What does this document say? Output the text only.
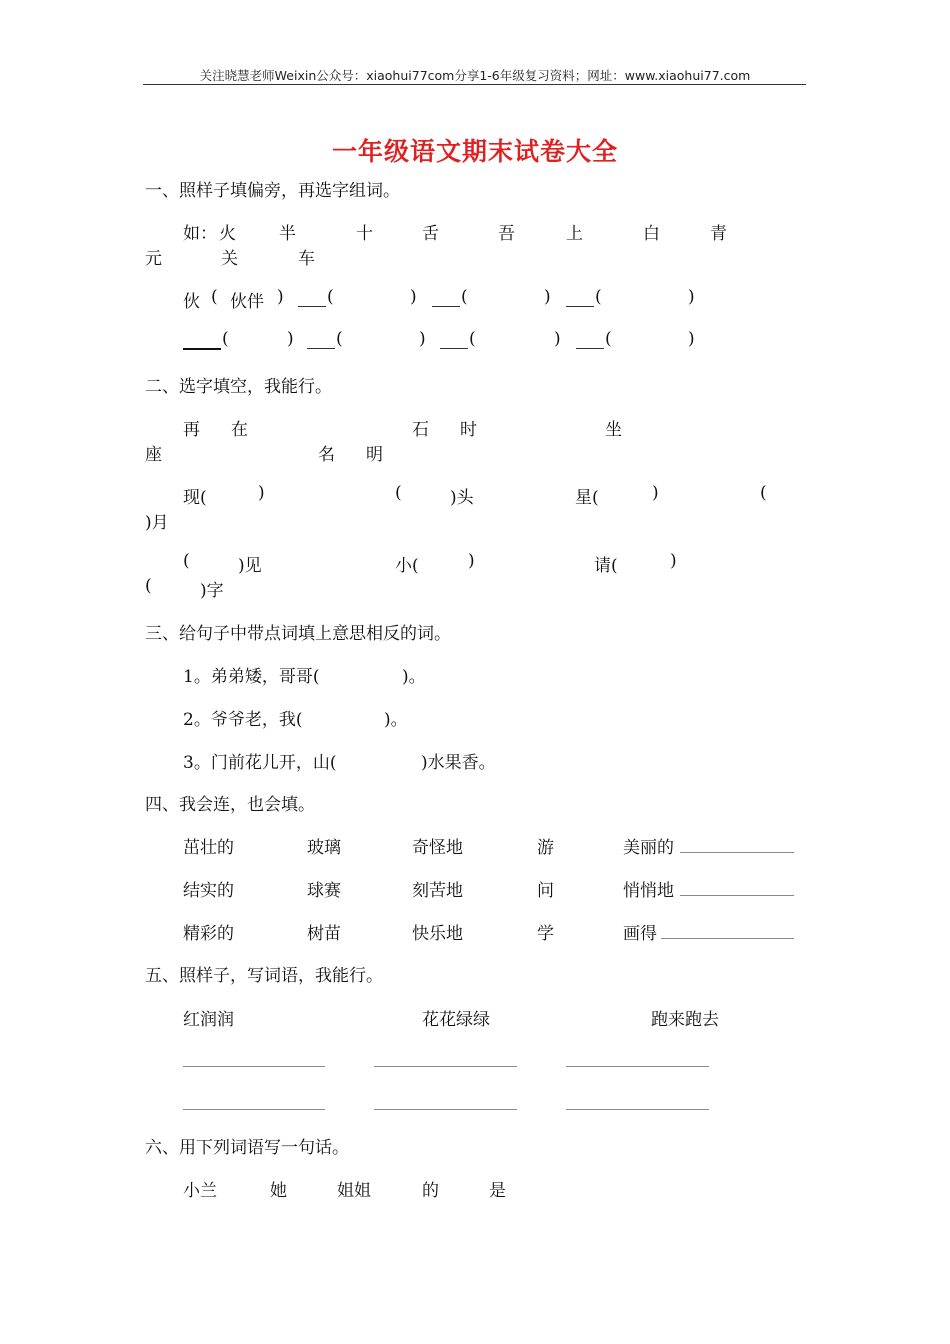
关注晓慧老师Weixin公众号：xiaohui77com分享1-6年级复习资料；网址：www.xiaohui77.com
一年级语文期末试卷大全
一、照样子填偏旁，再选字组词。
如： 火	半	十	舌	吾	上	白	青
元	关	车
伙 ( 伙伴 )	(	)	(	)	(	)
(	) (	)	(	)	(	)
二、选字填空，我能行。
再 在	石 时	坐
座	名 明
现(	)	(	)头	星(	)	(
)月
(	)见	小(	)	请(	)
(	)字
三、给句子中带点词填上意思相反的词。
1。弟弟矮，哥哥(	)。
2。爷爷老，我(	)。
3。门前花儿开，山(	)水果香。
四、我会连，也会填。
茁壮的	玻璃	奇怪地	游	美丽的
结实的	球赛	刻苦地	问	悄悄地
精彩的	树苗	快乐地	学	画得
五、照样子，写词语，我能行。
红润润	花花绿绿	跑来跑去
六、用下列词语写一句话。
小兰	她	姐姐	的	是
